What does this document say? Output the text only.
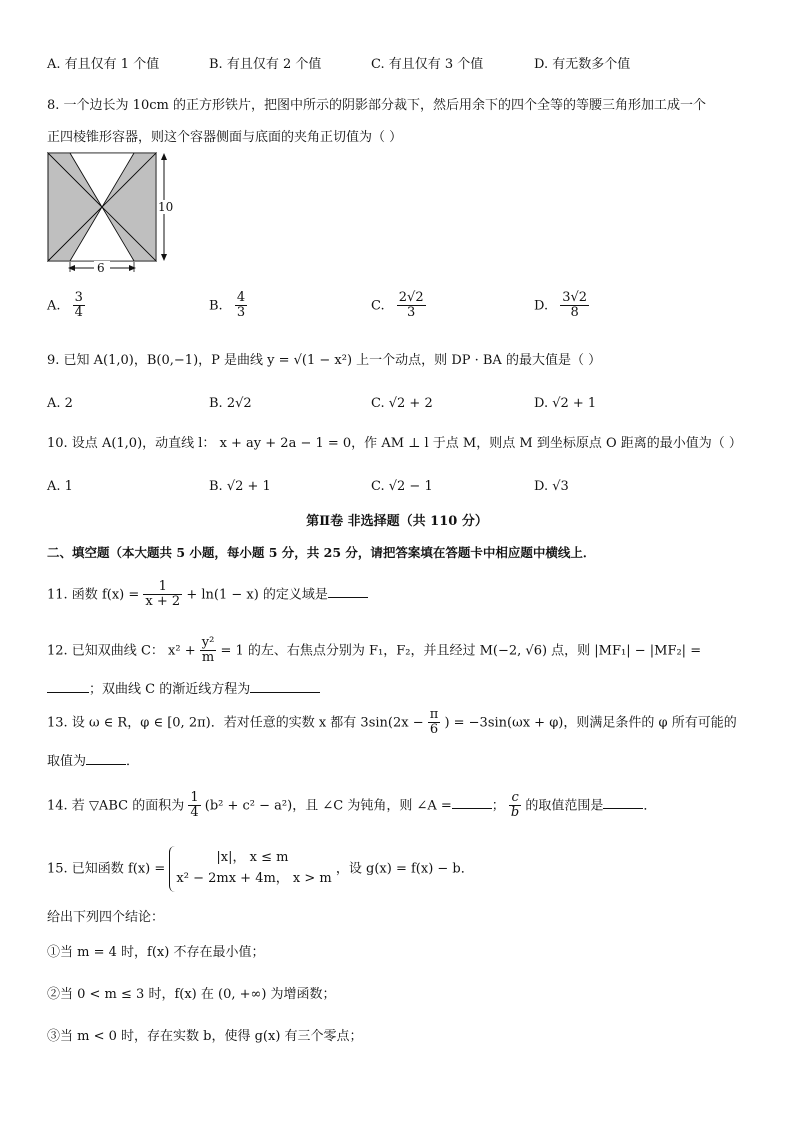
A. 有且仅有 1 个值	B. 有且仅有 2 个值	C. 有且仅有 3 个值	D. 有无数多个值
8. 一个边长为 10cm 的正方形铁片，把图中所示的阴影部分裁下，然后用余下的四个全等的等腰三角形加工成一个
正四棱锥形容器，则这个容器侧面与底面的夹角正切值为（ ）
10
6
A. $\frac{3}{4}$	B. $\frac{4}{3}$	C. $\frac{2√2}{3}$	D. $\frac{3√2}{8}$
9. 已知 A(1,0)，B(0,−1)，P 是曲线 y = √(1 − x²) 上一个动点，则 DP · BA 的最大值是（ ）
A. 2	B. 2√2	C. √2 + 2	D. √2 + 1
10. 设点 A(1,0)，动直线 l： x + ay + 2a − 1 = 0，作 AM ⊥ l 于点 M，则点 M 到坐标原点 O 距离的最小值为（ ）
A. 1	B. √2 + 1	C. √2 − 1	D. √3
第Ⅱ卷 非选择题（共 110 分）
二、填空题（本大题共 5 小题，每小题 5 分，共 25 分，请把答案填在答题卡中相应题中横线上．
11. 函数 $f(x) = \frac{1}{x + 2} + \ln(1 - x)$ 的定义域是
12. 已知双曲线 C： $x^2 + \frac{\text{y²}}{m} = 1$ 的左、右焦点分别为 F₁，F₂，并且经过 M(−2, √6) 点，则 |MF₁| − |MF₂| =
；双曲线 C 的渐近线方程为
13. 设 ω ∈ R，φ ∈ [0, 2π)．若对任意的实数 x 都有 $3\sin(2x - \frac{\pi}{6}$ ) = −3sin(ωx + φ)，则满足条件的 φ 所有可能的
取值为	．
14. 若 ▽ABC 的面积为 $\frac{1}{4} (b^2 + c^2 - a^2)$，且 ∠C 为钝角，则 ∠A =	； $\frac{c}{b}$ 的取值范围是	．
15. 已知函数 f(x) =
|x|， x ≤ m
x² − 2mx + 4m， x > m
，设 g(x) = f(x) − b．
给出下列四个结论：
①当 m = 4 时，f(x) 不存在最小值；
②当 0 < m ≤ 3 时，f(x) 在 (0, +∞) 为增函数；
③当 m < 0 时，存在实数 b，使得 g(x) 有三个零点；
